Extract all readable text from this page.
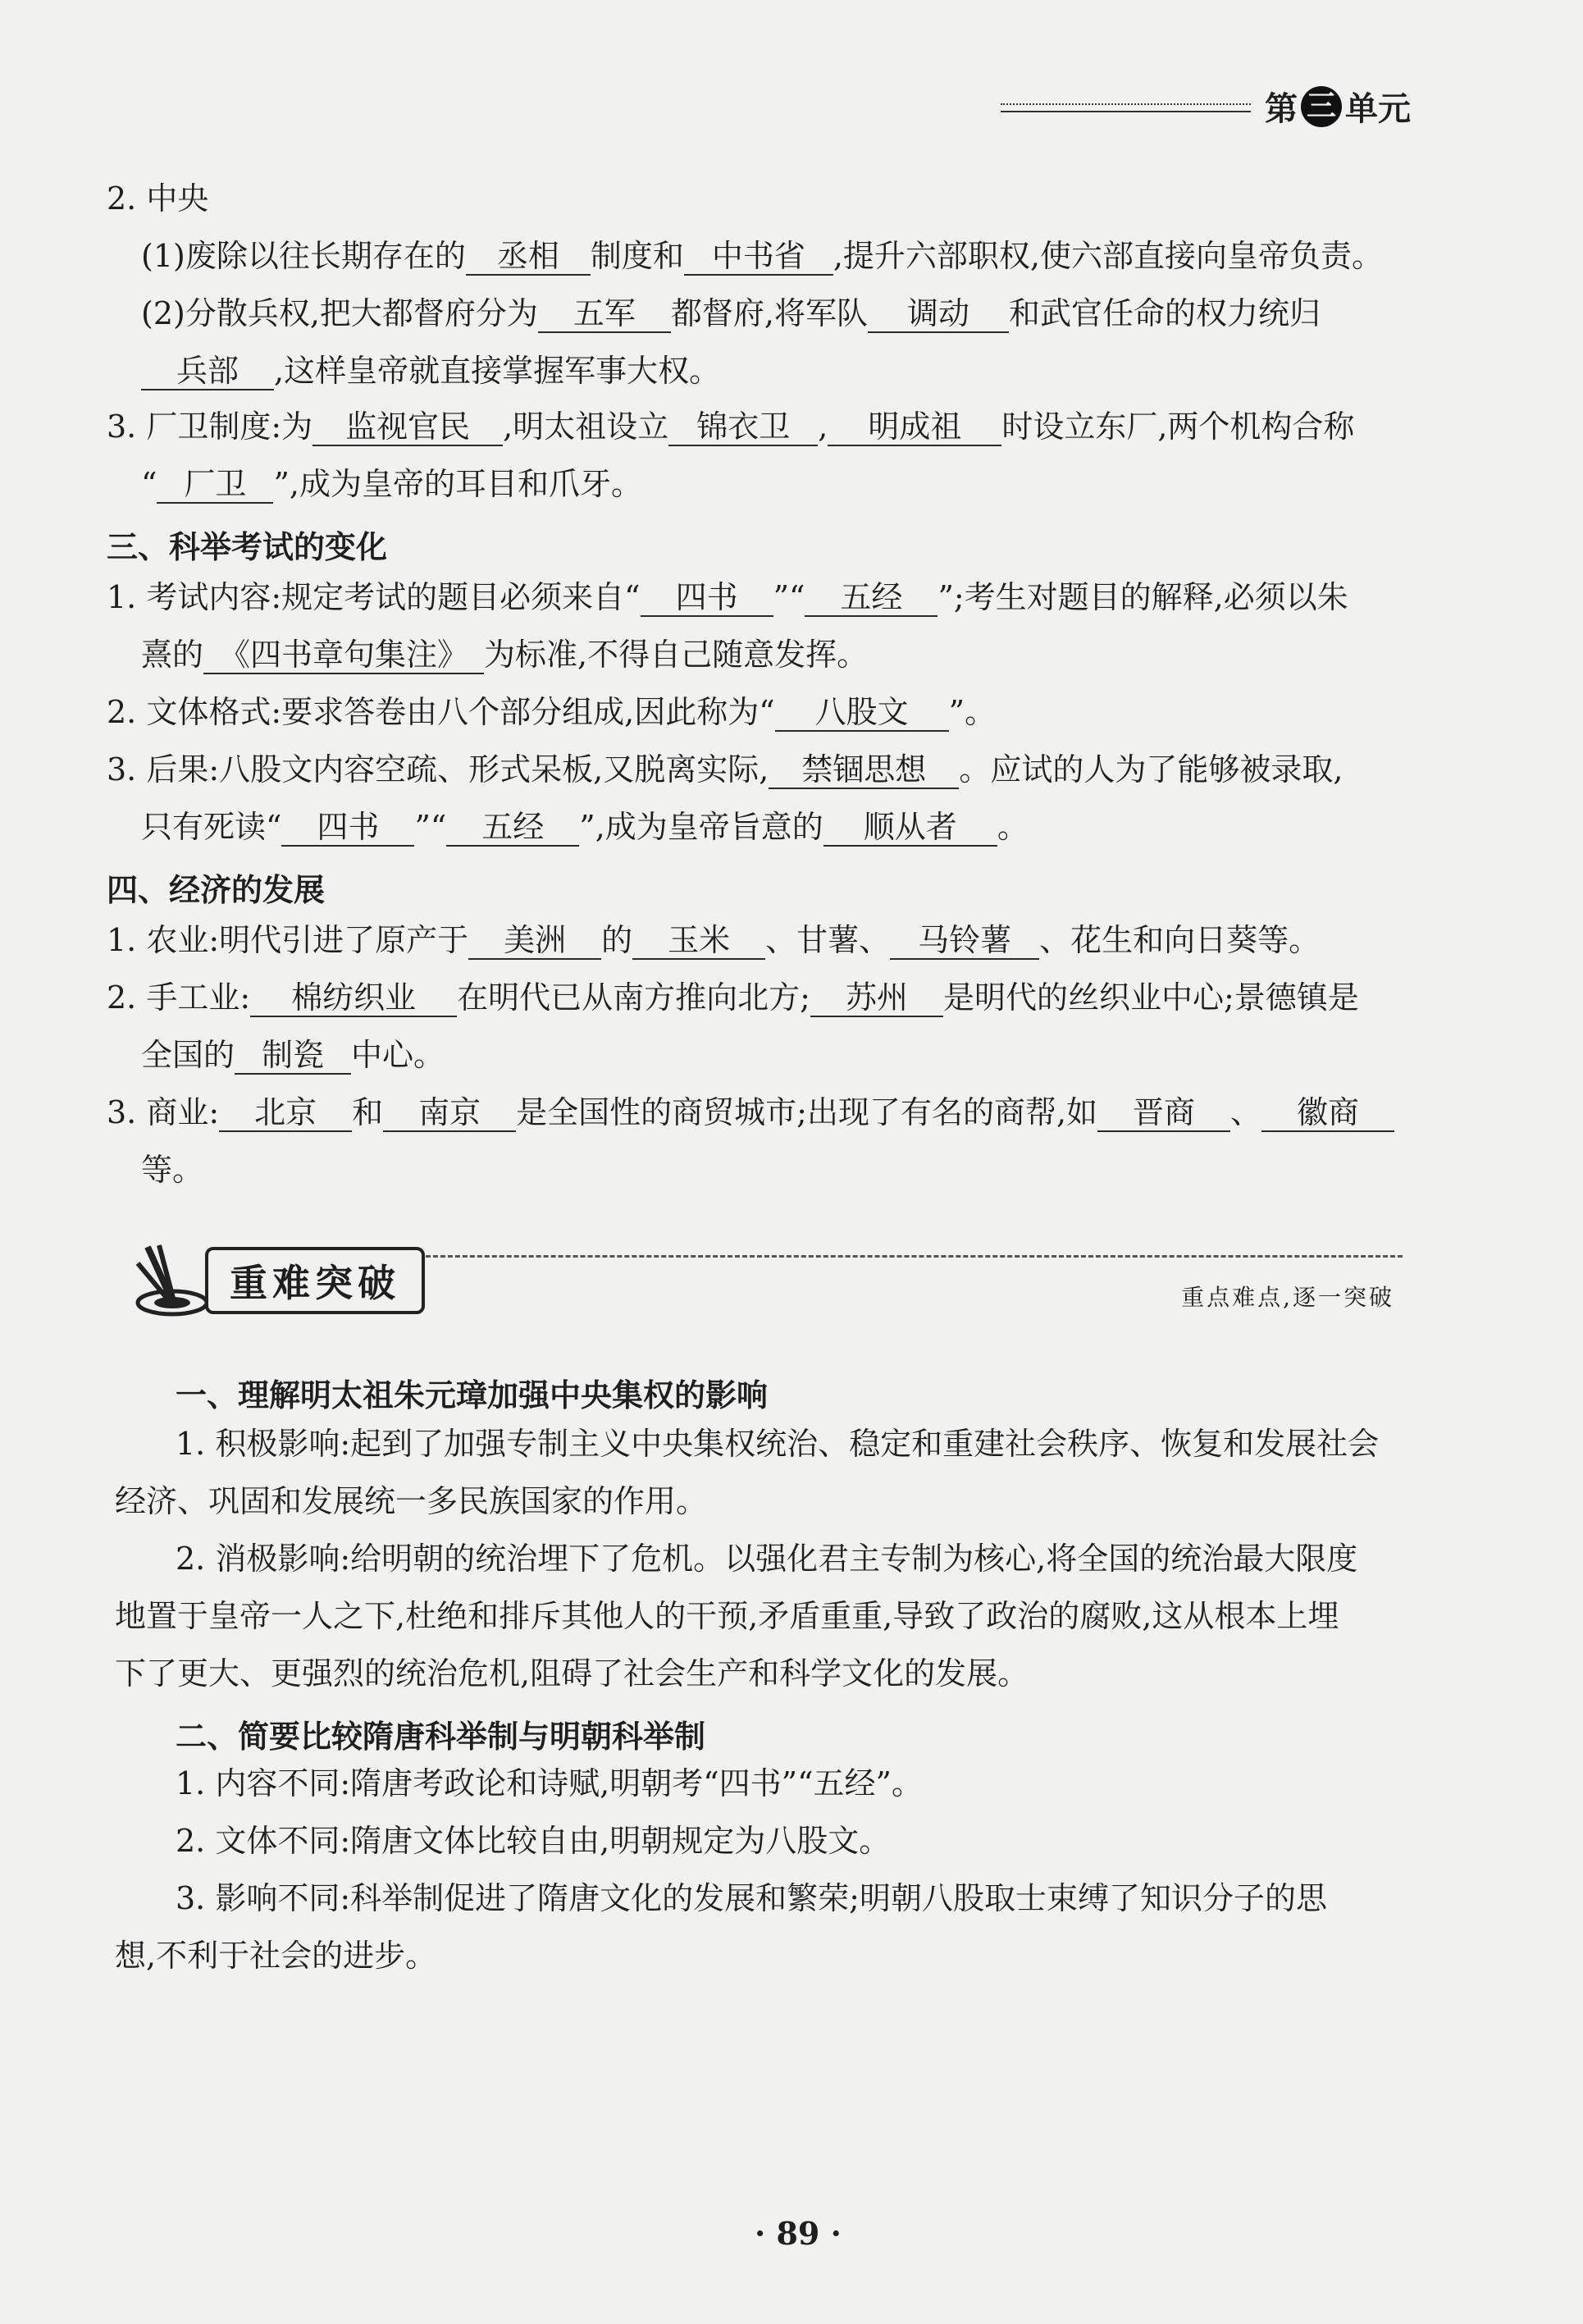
第 三 单元
2. 中央
(1)废除以往长期存在的 丞相 制度和 中书省 ,提升六部职权,使六部直接向皇帝负责。
(2)分散兵权,把大都督府分为 五军 都督府,将军队 调动 和武官任命的权力统归
兵部 ,这样皇帝就直接掌握军事大权。
3. 厂卫制度:为 监视官民 ,明太祖设立 锦衣卫 , 明成祖 时设立东厂,两个机构合称
“ 厂卫 ”,成为皇帝的耳目和爪牙。
三、科举考试的变化
1. 考试内容:规定考试的题目必须来自“ 四书 ”“ 五经 ”;考生对题目的解释,必须以朱
熹的 《四书章句集注》 为标准,不得自己随意发挥。
2. 文体格式:要求答卷由八个部分组成,因此称为“ 八股文 ”。
3. 后果:八股文内容空疏、形式呆板,又脱离实际, 禁锢思想 。应试的人为了能够被录取,
只有死读“ 四书 ”“ 五经 ”,成为皇帝旨意的 顺从者 。
四、经济的发展
1. 农业:明代引进了原产于 美洲 的 玉米 、甘薯、 马铃薯 、花生和向日葵等。
2. 手工业: 棉纺织业 在明代已从南方推向北方; 苏州 是明代的丝织业中心;景德镇是
全国的 制瓷 中心。
3. 商业: 北京 和 南京 是全国性的商贸城市;出现了有名的商帮,如 晋商 、 徽商
等。
重难突破	重点难点,逐一突破
一、理解明太祖朱元璋加强中央集权的影响
1. 积极影响:起到了加强专制主义中央集权统治、稳定和重建社会秩序、恢复和发展社会
经济、巩固和发展统一多民族国家的作用。
2. 消极影响:给明朝的统治埋下了危机。以强化君主专制为核心,将全国的统治最大限度
地置于皇帝一人之下,杜绝和排斥其他人的干预,矛盾重重,导致了政治的腐败,这从根本上埋
下了更大、更强烈的统治危机,阻碍了社会生产和科学文化的发展。
二、简要比较隋唐科举制与明朝科举制
1. 内容不同:隋唐考政论和诗赋,明朝考“四书”“五经”。
2. 文体不同:隋唐文体比较自由,明朝规定为八股文。
3. 影响不同:科举制促进了隋唐文化的发展和繁荣;明朝八股取士束缚了知识分子的思
想,不利于社会的进步。
· 89 ·
